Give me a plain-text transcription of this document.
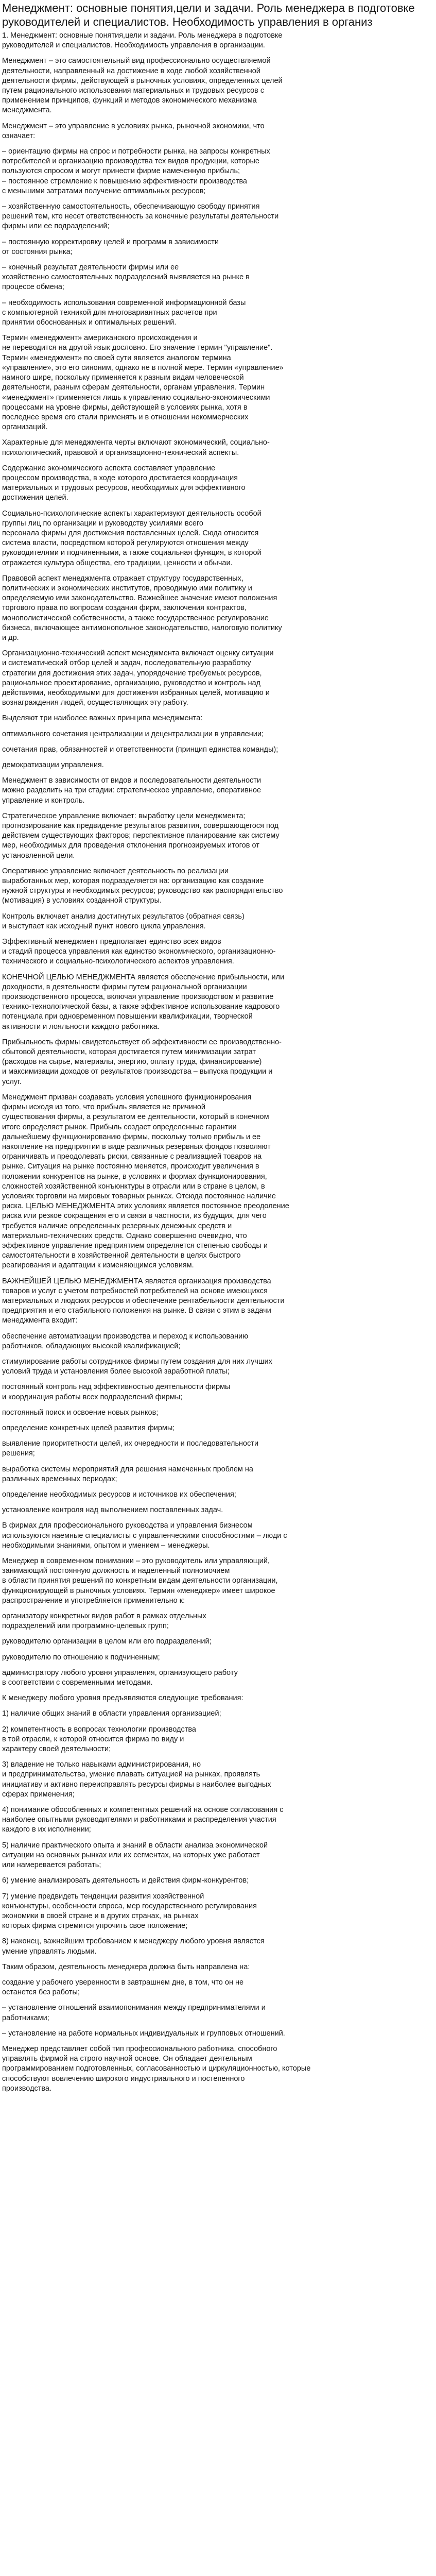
Менеджмент: основные понятия,цели и задачи. Роль менеджера в подготовке руководителей и специалистов. Необходимость управления в организ

1. Менеджмент: основные понятия,цели и задачи. Роль менеджера в подготовке
руководителей и специалистов. Необходимость управления в организации.

Менеджмент – это самостоятельный вид профессионально осуществляемой
деятельности, направленный на достижение в ходе любой хозяйственной
деятельности фирмы, действующей в рыночных условиях, определенных целей
путем рационального использования материальных и трудовых ресурсов с
применением принципов, функций и методов экономического механизма
менеджмента.

Менеджмент – это управление в условиях рынка, рыночной экономики, что
означает:

– ориентацию фирмы на спрос и потребности рынка, на запросы конкретных
потребителей и организацию производства тех видов продукции, которые
пользуются спросом и могут принести фирме намеченную прибыль;
– постоянное стремление к повышению эффективности производства
с меньшими затратами получение оптимальных ресурсов;

– хозяйственную самостоятельность, обеспечивающую свободу принятия
решений тем, кто несет ответственность за конечные результаты деятельности
фирмы или ее подразделений;

– постоянную корректировку целей и программ в зависимости
от состояния рынка;

– конечный результат деятельности фирмы или ее
хозяйственно самостоятельных подразделений выявляется на рынке в
процессе обмена;

– необходимость использования современной информационной базы
с компьютерной техникой для многовариантных расчетов при
принятии обоснованных и оптимальных решений.

Термин «менеджмент» американского происхождения и
не переводится на другой язык дословно. Его значение термин "управление".
Термин «менеджмент» по своей сути является аналогом термина
«управление», это его синоним, однако не в полной мере. Термин «управление»
намного шире, поскольку применяется к разным видам человеческой
деятельности, разным сферам деятельности, органам управления. Термин
«менеджмент» применяется лишь к управлению социально-экономическими
процессами на уровне фирмы, действующей в условиях рынка, хотя в
последнее время его стали применять и в отношении некоммерческих
организаций.

Характерные для менеджмента черты включают экономический, социально-
психологический, правовой и организационно-технический аспекты.

Содержание экономического аспекта составляет управление
процессом производства, в ходе которого достигается координация
материальных и трудовых ресурсов, необходимых для эффективного
достижения целей.

Социально-психологические аспекты характеризуют деятельность особой
группы лиц по организации и руководству усилиями всего
персонала фирмы для достижения поставленных целей. Сюда относится
система власти, посредством которой регулируются отношения между
руководителями и подчиненными, а также социальная функция, в которой
отражается культура общества, его традиции, ценности и обычаи.

Правовой аспект менеджмента отражает структуру государственных,
политических и экономических институтов, проводимую ими политику и
определяемую ими законодательство. Важнейшее значение имеют положения
торгового права по вопросам создания фирм, заключения контрактов,
монополистической собственности, а также государственное регулирование
бизнеса, включающее антимонопольное законодательство, налоговую политику
и др.

Организационно-технический аспект менеджмента включает оценку ситуации
и систематический отбор целей и задач, последовательную разработку
стратегии для достижения этих задач, упорядочение требуемых ресурсов,
рациональное проектирование, организацию, руководство и контроль над
действиями, необходимыми для достижения избранных целей, мотивацию и
вознаграждения людей, осуществляющих эту работу.

Выделяют три наиболее важных принципа менеджмента:

оптимального сочетания централизации и децентрализации в управлении;

сочетания прав, обязанностей и ответственности (принцип единства команды);

демократизации управления.

Менеджмент в зависимости от видов и последовательности деятельности
можно разделить на три стадии: стратегическое управление, оперативное
управление и контроль.

Стратегическое управление включает: выработку цели менеджмента;
прогнозирование как предвидение результатов развития, совершающегося под
действием существующих факторов; перспективное планирование как систему
мер, необходимых для проведения отклонения прогнозируемых итогов от
установленной цели.

Оперативное управление включает деятельность по реализации
выработанных мер, которая подразделяется на: организацию как создание
нужной структуры и необходимых ресурсов; руководство как распорядительство
(мотивация) в условиях созданной структуры.

Контроль включает анализ достигнутых результатов (обратная связь)
и выступает как исходный пункт нового цикла управления.

Эффективный менеджмент предполагает единство всех видов
и стадий процесса управления как единство экономического, организационно-
технического и социально-психологического аспектов управления.

КОНЕЧНОЙ ЦЕЛЬЮ МЕНЕДЖМЕНТА является обеспечение прибыльности, или
доходности, в деятельности фирмы путем рациональной организации
производственного процесса, включая управление производством и развитие
технико-технологической базы, а также эффективное использование кадрового
потенциала при одновременном повышении квалификации, творческой
активности и лояльности каждого работника.

Прибыльность фирмы свидетельствует об эффективности ее производственно-
сбытовой деятельности, которая достигается путем минимизации затрат
(расходов на сырье, материалы, энергию, оплату труда, финансирование)
и максимизации доходов от результатов производства – выпуска продукции и
услуг.

Менеджмент призван создавать условия успешного функционирования
фирмы исходя из того, что прибыль является не причиной
существования фирмы, а результатом ее деятельности, который в конечном
итоге определяет рынок. Прибыль создает определенные гарантии
дальнейшему функционированию фирмы, поскольку только прибыль и ее
накопление на предприятии в виде различных резервных фондов позволяют
ограничивать и преодолевать риски, связанные с реализацией товаров на
рынке. Ситуация на рынке постоянно меняется, происходит увеличения в
положении конкурентов на рынке, в условиях и формах функционирования,
сложностей хозяйственной конъюнктуры в отрасли или в стране в целом, в
условиях торговли на мировых товарных рынках. Отсюда постоянное наличие
риска. ЦЕЛЬЮ МЕНЕДЖМЕНТА этих условиях является постоянное преодоление
риска или резкое сокращения его и связи в частности, из будущих, для чего
требуется наличие определенных резервных денежных средств и
материально-технических средств. Однако совершенно очевидно, что
эффективное управление предприятием определяется степенью свободы и
самостоятельности в хозяйственной деятельности в целях быстрого
реагирования и адаптации к изменяющимся условиям.

ВАЖНЕЙШЕЙ ЦЕЛЬЮ МЕНЕДЖМЕНТА является организация производства
товаров и услуг с учетом потребностей потребителей на основе имеющихся
материальных и людских ресурсов и обеспечение рентабельности деятельности
предприятия и его стабильного положения на рынке. В связи с этим в задачи
менеджмента входит:

обеспечение автоматизации производства и переход к использованию
работников, обладающих высокой квалификацией;

стимулирование работы сотрудников фирмы путем создания для них лучших
условий труда и установления более высокой заработной платы;

постоянный контроль над эффективностью деятельности фирмы
и координация работы всех подразделений фирмы;

постоянный поиск и освоение новых рынков;

определение конкретных целей развития фирмы;

выявление приоритетности целей, их очередности и последовательности
решения;

выработка системы мероприятий для решения намеченных проблем на
различных временных периодах;

определение необходимых ресурсов и источников их обеспечения;

установление контроля над выполнением поставленных задач.

В фирмах для профессионального руководства и управления бизнесом
используются наемные специалисты с управленческими способностями – люди с
необходимыми знаниями, опытом и умением – менеджеры.

Менеджер в современном понимании – это руководитель или управляющий,
занимающий постоянную должность и наделенный полномочием
в области принятия решений по конкретным видам деятельности организации,
функционирующей в рыночных условиях. Термин «менеджер» имеет широкое
распространение и употребляется применительно к:

организатору конкретных видов работ в рамках отдельных
подразделений или программно-целевых групп;

руководителю организации в целом или его подразделений;

руководителю по отношению к подчиненным;

администратору любого уровня управления, организующего работу
в соответствии с современными методами.

К менеджеру любого уровня предъявляются следующие требования:

1) наличие общих знаний в области управления организацией;

2) компетентность в вопросах технологии производства
в той отрасли, к которой относится фирма по виду и
характеру своей деятельности;

3) владение не только навыками администрирования, но
и предпринимательства, умение плавать ситуацией на рынках, проявлять
инициативу и активно переисправлять ресурсы фирмы в наиболее выгодных
сферах применения;

4) понимание обособленных и компетентных решений на основе согласования с
наиболее опытными руководителями и работниками и распределения участия
каждого в их исполнении;

5) наличие практического опыта и знаний в области анализа экономической
ситуации на основных рынках или их сегментах, на которых уже работает
или намеревается работать;

6) умение анализировать деятельность и действия фирм-конкурентов;

7) умение предвидеть тенденции развития хозяйственной
конъюнктуры, особенности спроса, мер государственного регулирования
экономики в своей стране и в других странах, на рынках
которых фирма стремится упрочить свое положение;

8) наконец, важнейшим требованием к менеджеру любого уровня является
умение управлять людьми.

Таким образом, деятельность менеджера должна быть направлена на:

создание у рабочего уверенности в завтрашнем дне, в том, что он не
останется без работы;

– установление отношений взаимопонимания между предпринимателями и
работниками;

– установление на работе нормальных индивидуальных и групповых отношений.

Менеджер представляет собой тип профессионального работника, способного
управлять фирмой на строго научной основе. Он обладает деятельным
программированием подготовленных, согласованностью и циркуляционностью, которые
способствуют вовлечению широкого индустриального и постепенного
производства.
